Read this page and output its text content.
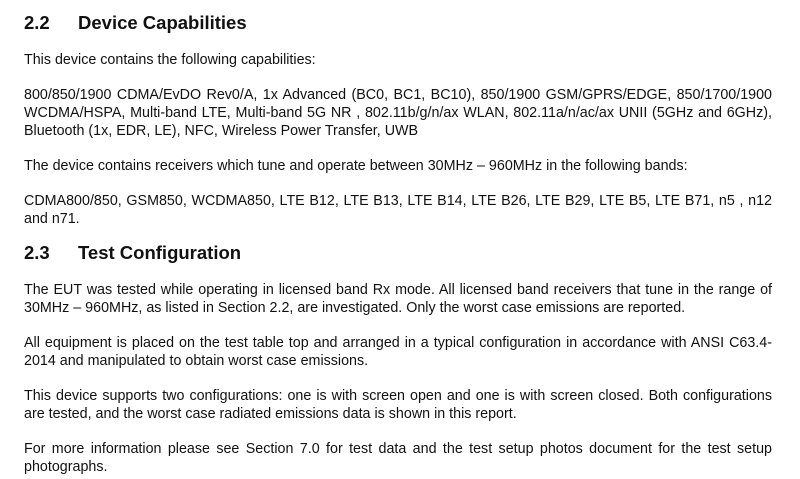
2.2	Device Capabilities

This device contains the following capabilities:

800/850/1900 CDMA/EvDO Rev0/A, 1x Advanced (BC0, BC1, BC10), 850/1900 GSM/GPRS/EDGE, 850/1700/1900 WCDMA/HSPA, Multi-band LTE, Multi-band 5G NR , 802.11b/g/n/ax WLAN, 802.11a/n/ac/ax UNII (5GHz and 6GHz), Bluetooth (1x, EDR, LE), NFC, Wireless Power Transfer, UWB

The device contains receivers which tune and operate between 30MHz – 960MHz in the following bands:

CDMA800/850, GSM850, WCDMA850, LTE B12, LTE B13, LTE B14, LTE B26, LTE B29, LTE B5, LTE B71, n5 , n12 and n71.

2.3	Test Configuration

The EUT was tested while operating in licensed band Rx mode. All licensed band receivers that tune in the range of 30MHz – 960MHz, as listed in Section 2.2, are investigated. Only the worst case emissions are reported.

All equipment is placed on the test table top and arranged in a typical configuration in accordance with ANSI C63.4-2014 and manipulated to obtain worst case emissions.

This device supports two configurations: one is with screen open and one is with screen closed. Both configurations are tested, and the worst case radiated emissions data is shown in this report.

For more information please see Section 7.0 for test data and the test setup photos document for the test setup photographs.
